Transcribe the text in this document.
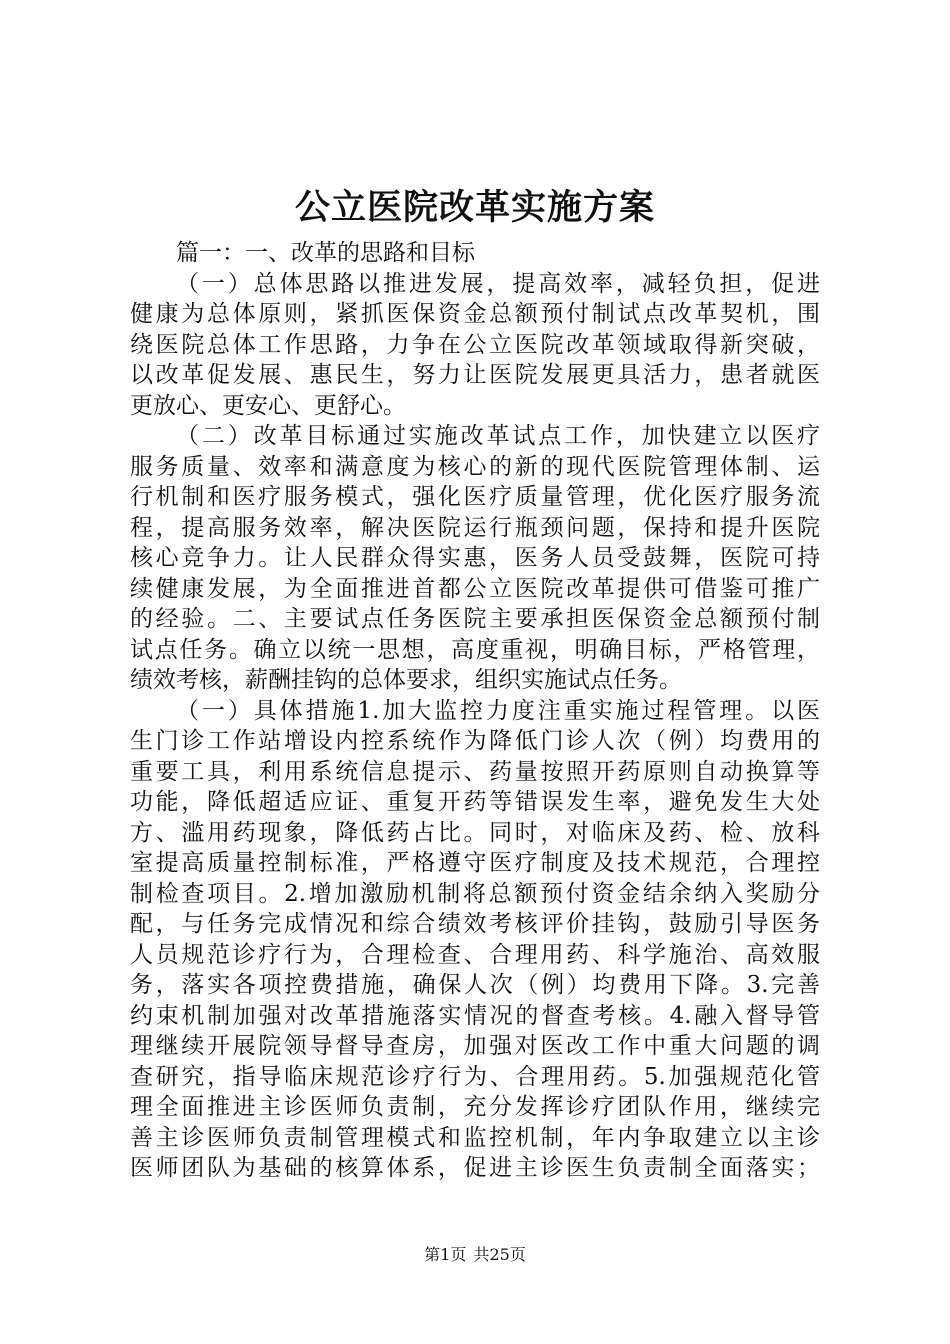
公立医院改革实施方案
篇一：一、改革的思路和目标
（一）总体思路以推进发展，提高效率，减轻负担，促进
健康为总体原则，紧抓医保资金总额预付制试点改革契机，围
绕医院总体工作思路，力争在公立医院改革领域取得新突破，
以改革促发展、惠民生，努力让医院发展更具活力，患者就医
更放心、更安心、更舒心。
（二）改革目标通过实施改革试点工作，加快建立以医疗
服务质量、效率和满意度为核心的新的现代医院管理体制、运
行机制和医疗服务模式，强化医疗质量管理，优化医疗服务流
程，提高服务效率，解决医院运行瓶颈问题，保持和提升医院
核心竞争力。让人民群众得实惠，医务人员受鼓舞，医院可持
续健康发展，为全面推进首都公立医院改革提供可借鉴可推广
的经验。二、主要试点任务医院主要承担医保资金总额预付制
试点任务。确立以统一思想，高度重视，明确目标，严格管理，
绩效考核，薪酬挂钩的总体要求，组织实施试点任务。
（一）具体措施1.加大监控力度注重实施过程管理。以医
生门诊工作站增设内控系统作为降低门诊人次（例）均费用的
重要工具，利用系统信息提示、药量按照开药原则自动换算等
功能，降低超适应证、重复开药等错误发生率，避免发生大处
方、滥用药现象，降低药占比。同时，对临床及药、检、放科
室提高质量控制标准，严格遵守医疗制度及技术规范，合理控
制检查项目。2.增加激励机制将总额预付资金结余纳入奖励分
配，与任务完成情况和综合绩效考核评价挂钩，鼓励引导医务
人员规范诊疗行为，合理检查、合理用药、科学施治、高效服
务，落实各项控费措施，确保人次（例）均费用下降。3.完善
约束机制加强对改革措施落实情况的督查考核。4.融入督导管
理继续开展院领导督导查房，加强对医改工作中重大问题的调
查研究，指导临床规范诊疗行为、合理用药。5.加强规范化管
理全面推进主诊医师负责制，充分发挥诊疗团队作用，继续完
善主诊医师负责制管理模式和监控机制，年内争取建立以主诊
医师团队为基础的核算体系，促进主诊医生负责制全面落实；
第1页 共25页
